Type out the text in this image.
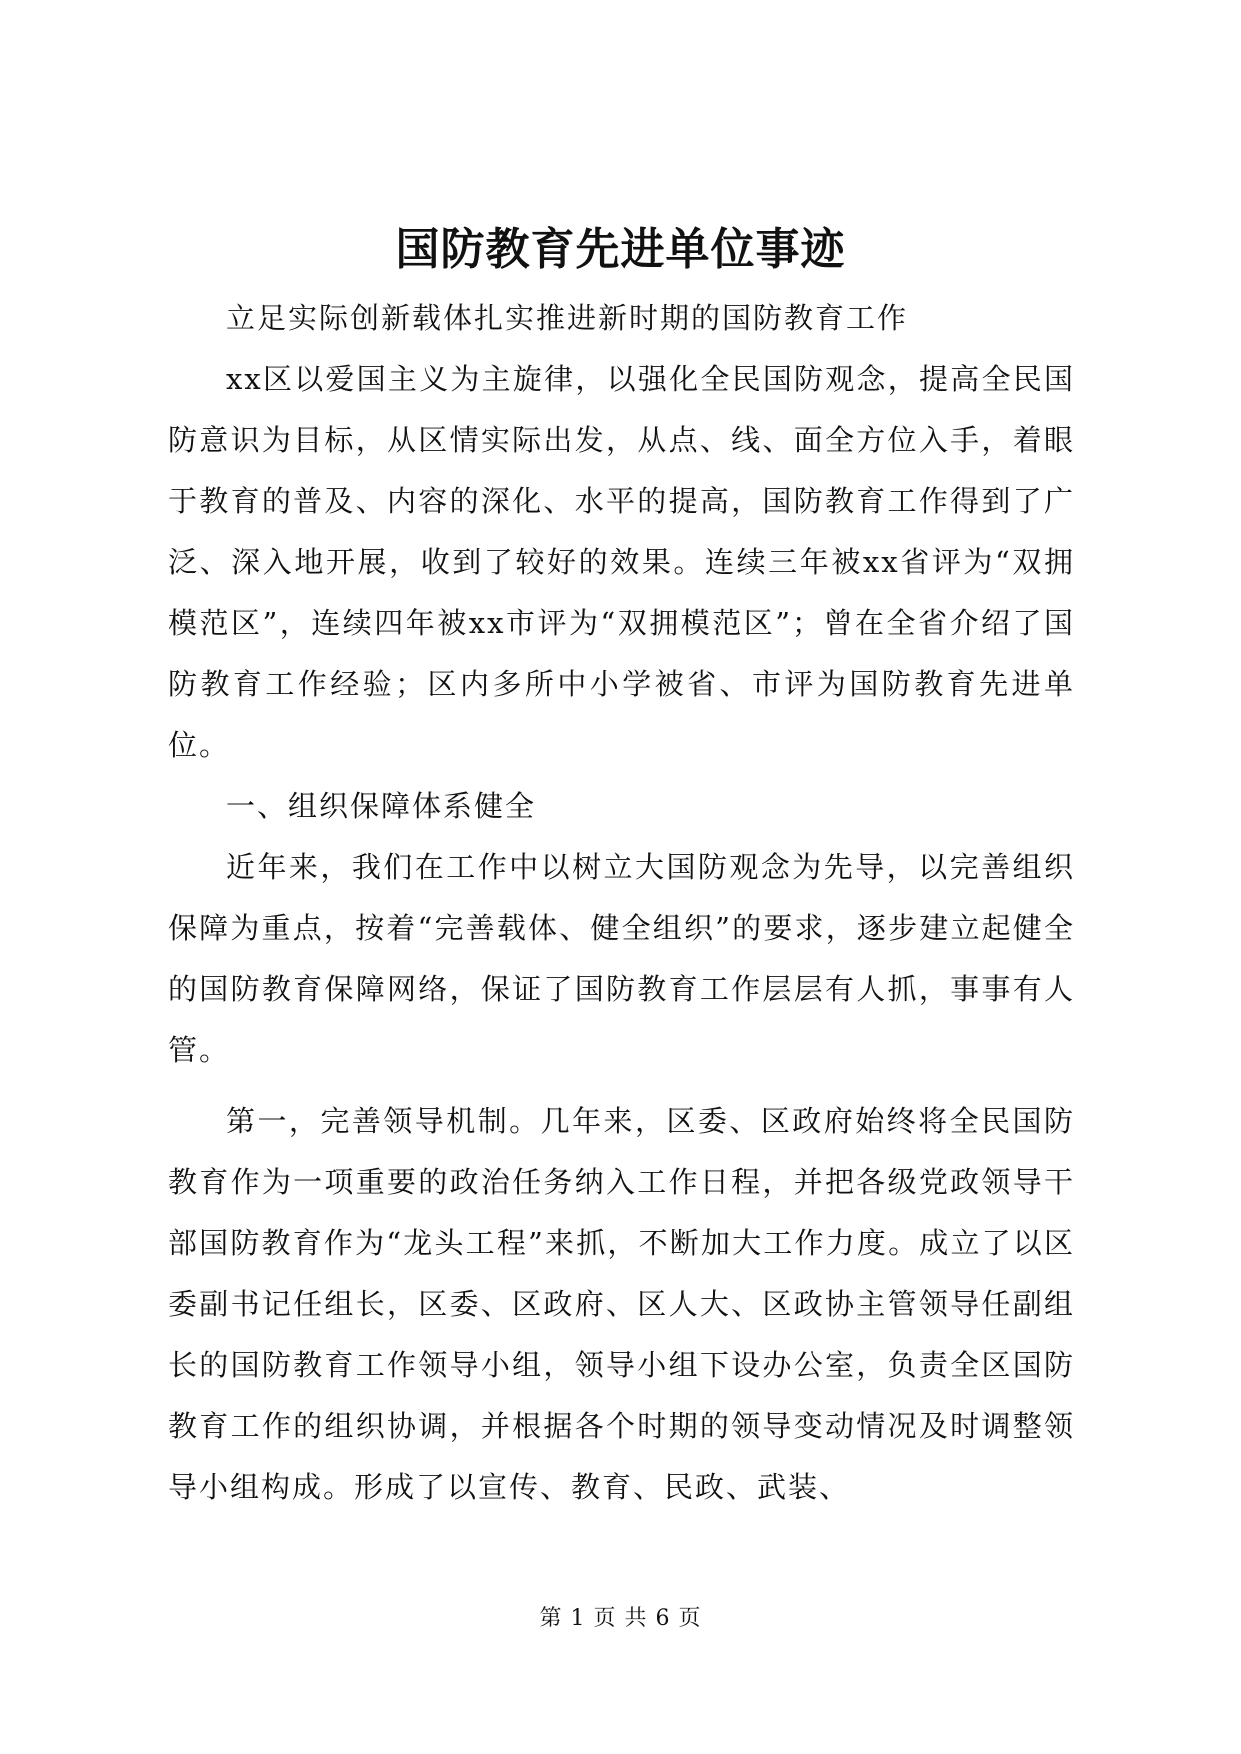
国防教育先进单位事迹

立足实际创新载体扎实推进新时期的国防教育工作

xx区以爱国主义为主旋律，以强化全民国防观念，提高全民国防意识为目标，从区情实际出发，从点、线、面全方位入手，着眼于教育的普及、内容的深化、水平的提高，国防教育工作得到了广泛、深入地开展，收到了较好的效果。连续三年被xx省评为“双拥模范区”，连续四年被xx市评为“双拥模范区”；曾在全省介绍了国防教育工作经验；区内多所中小学被省、市评为国防教育先进单位。

一、组织保障体系健全

近年来，我们在工作中以树立大国防观念为先导，以完善组织保障为重点，按着“完善载体、健全组织”的要求，逐步建立起健全的国防教育保障网络，保证了国防教育工作层层有人抓，事事有人管。

第一，完善领导机制。几年来，区委、区政府始终将全民国防教育作为一项重要的政治任务纳入工作日程，并把各级党政领导干部国防教育作为“龙头工程”来抓，不断加大工作力度。成立了以区委副书记任组长，区委、区政府、区人大、区政协主管领导任副组长的国防教育工作领导小组，领导小组下设办公室，负责全区国防教育工作的组织协调，并根据各个时期的领导变动情况及时调整领导小组构成。形成了以宣传、教育、民政、武装、

第 1 页 共 6 页
